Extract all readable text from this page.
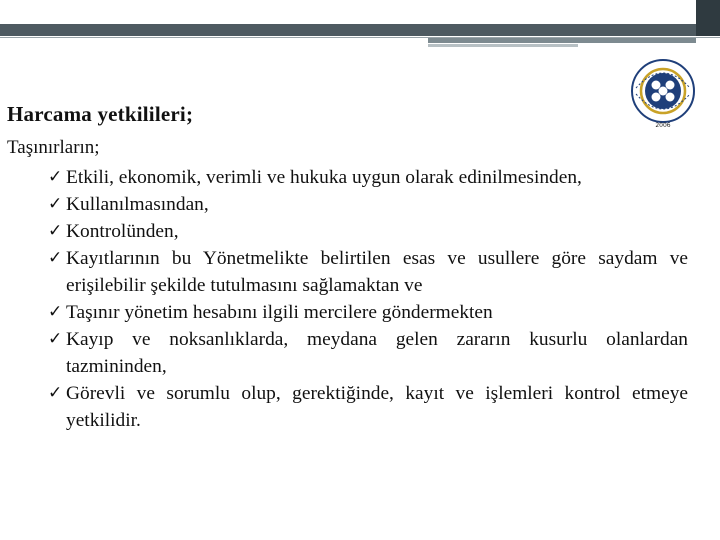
2006
Harcama yetkilileri;
Taşınırların;
✓ Etkili, ekonomik, verimli ve hukuka uygun olarak edinilmesinden,
✓ Kullanılmasından,
✓ Kontrolünden,
✓ Kayıtlarının bu Yönetmelikte belirtilen esas ve usullere göre saydam ve erişilebilir şekilde tutulmasını sağlamaktan ve
✓ Taşınır yönetim hesabını ilgili mercilere göndermekten
✓ Kayıp ve noksanlıklarda, meydana gelen zararın kusurlu olanlardan tazmininden,
✓ Görevli ve sorumlu olup, gerektiğinde, kayıt ve işlemleri kontrol etmeye yetkilidir.
